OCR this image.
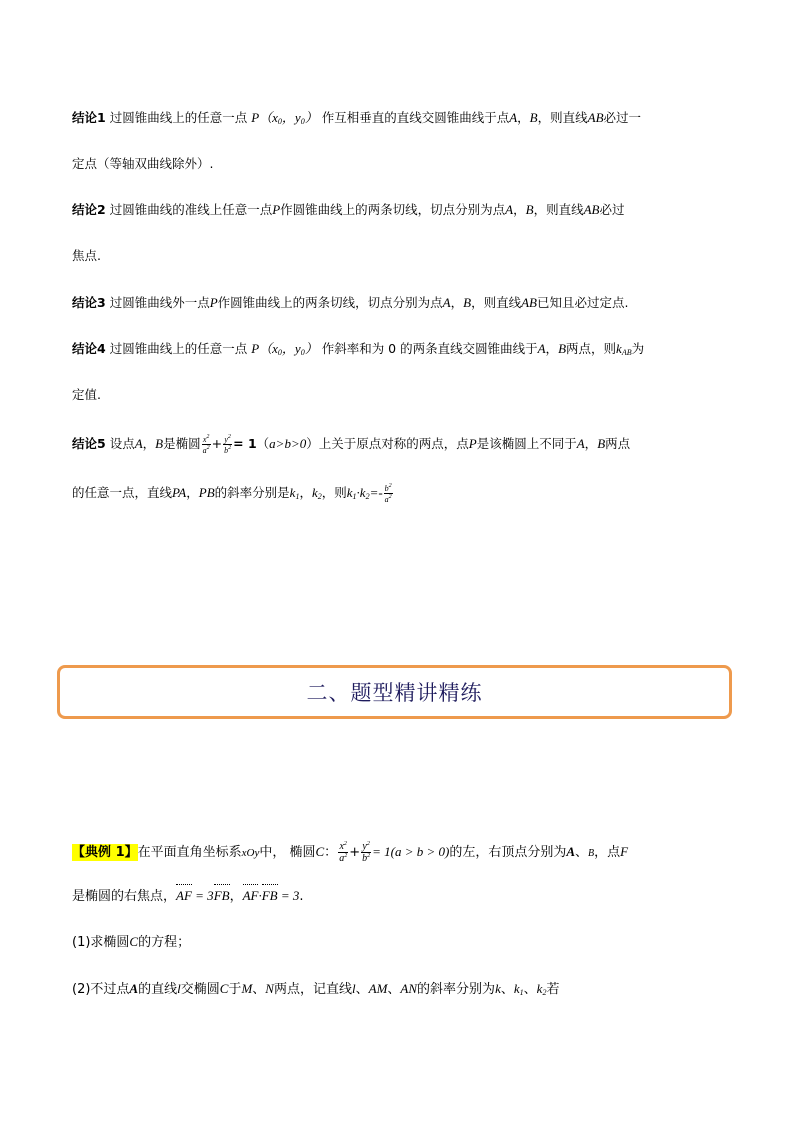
结论1 过圆锥曲线上的任意一点 $P(x_0$，$y_0$） 作互相垂直的直线交圆锥曲线于点A，B，则直线AB必过一
定点（等轴双曲线除外）.
结论2 过圆锥曲线的准线上任意一点P作圆锥曲线上的两条切线，切点分别为点A，B，则直线AB必过
焦点.
结论3 过圆锥曲线外一点P作圆锥曲线上的两条切线，切点分别为点A，B，则直线AB已知且必过定点.
结论4 过圆锥曲线上的任意一点 $P(x_0$，$y_0$） 作斜率和为 0 的两条直线交圆锥曲线于A，B两点，则$k_{AB}$为
定值.
结论5 设点A，B是椭圆 $\frac{x^2}{a^2} + \frac{y^2}{b^2} = 1(a>b>0)$上关于原点对称的两点，点P是该椭圆上不同于A，B两点
的任意一点，直线PA，PB的斜率分别是$k_1$，$k_2$，则$k_1\cdot k_2=- \frac{b^2}{a^2}$
二、题型精讲精练
【典例 1】在平面直角坐标系xOy中， 椭圆C： $\frac{x^2}{a^2} + \frac{y^2}{b^2} = 1(a > b > 0)$的左，右顶点分别为A、B，点F
是椭圆的右焦点，AF = 3FB，AF·FB = 3.
(1)求椭圆C的方程；
(2)不过点A的直线l交椭圆C于M、N两点，记直线l、AM、AN的斜率分别为k、$k_1$、$k_2$若
